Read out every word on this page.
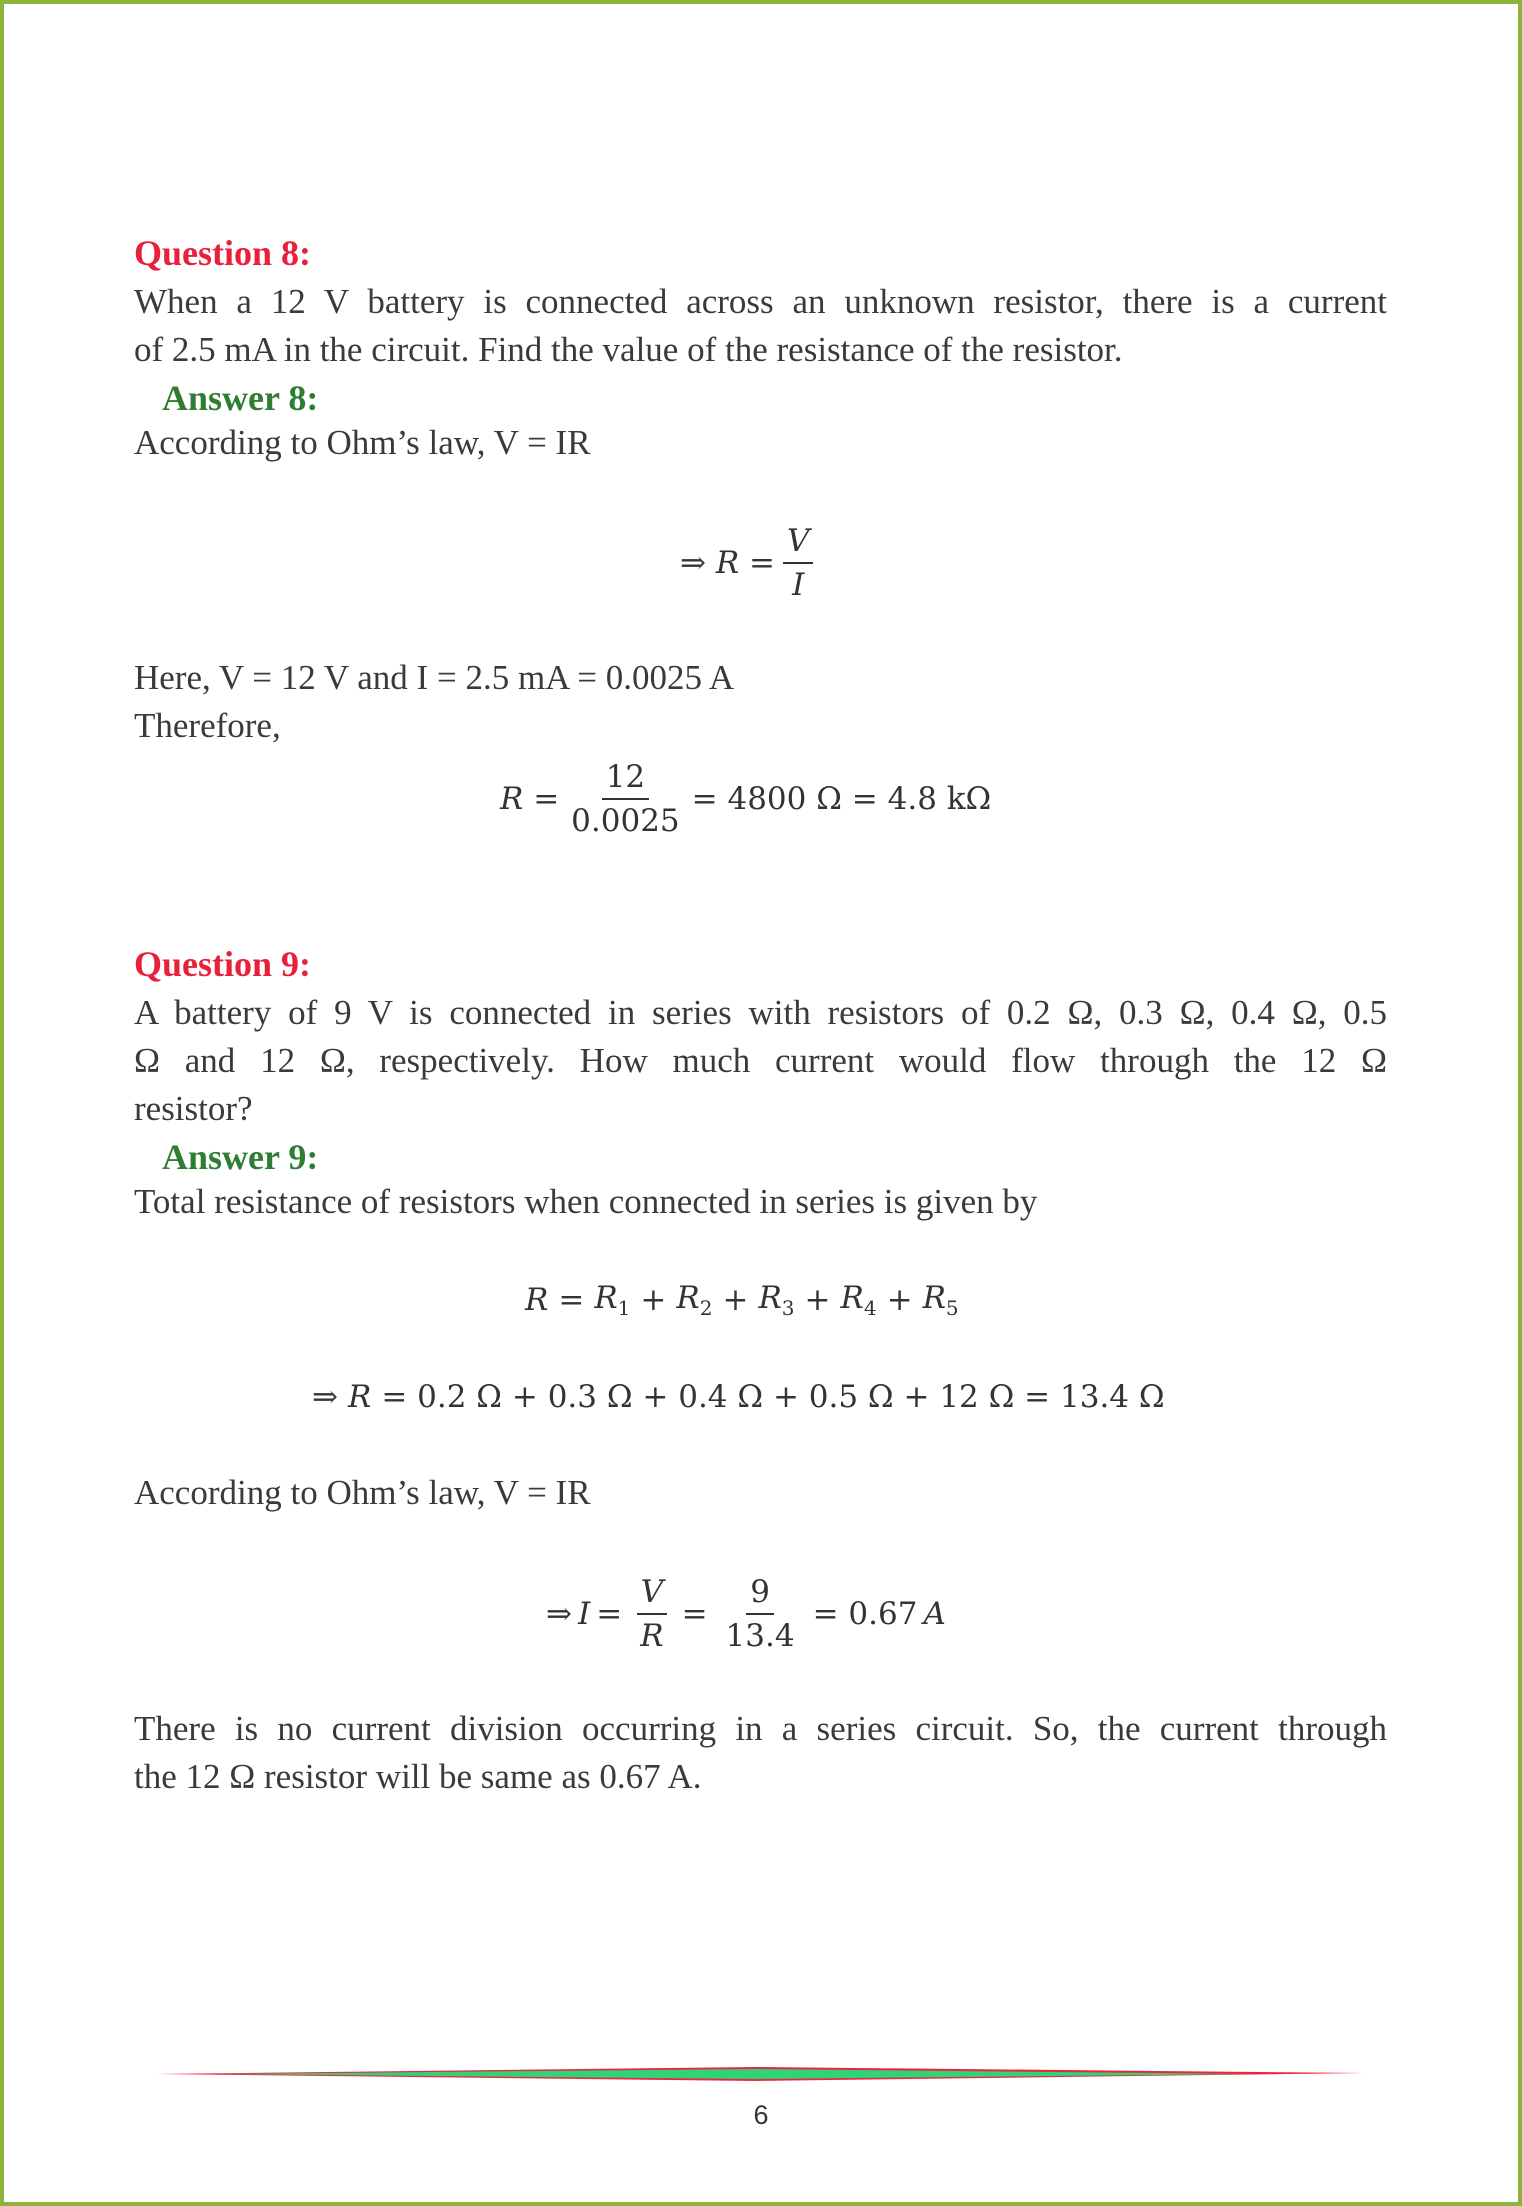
Question 8:
When a 12 V battery is connected across an unknown resistor, there is a current
of 2.5 mA in the circuit. Find the value of the resistance of the resistor.
Answer 8:
According to Ohm’s law, V = IR
⇒ $R = \frac{V}{I}$
Here, V = 12 V and I = 2.5 mA = 0.0025 A
Therefore,
$R = \frac{12}{0.0025} = 4800$ Ω = 4.8 kΩ
Question 9:
A battery of 9 V is connected in series with resistors of 0.2 Ω, 0.3 Ω, 0.4 Ω, 0.5
Ω and 12 Ω, respectively. How much current would flow through the 12 Ω
resistor?
Answer 9:
Total resistance of resistors when connected in series is given by
$R = R_1 + R_2 + R_3 + R_4 + R_5$
⇒ R = 0.2 Ω + 0.3 Ω + 0.4 Ω + 0.5 Ω + 12 Ω = 13.4 Ω
According to Ohm’s law, V = IR
⇒ $I = \frac{V}{R} = \frac{9}{13.4} = 0.67$ A
There is no current division occurring in a series circuit. So, the current through
the 12 Ω resistor will be same as 0.67 A.
6
